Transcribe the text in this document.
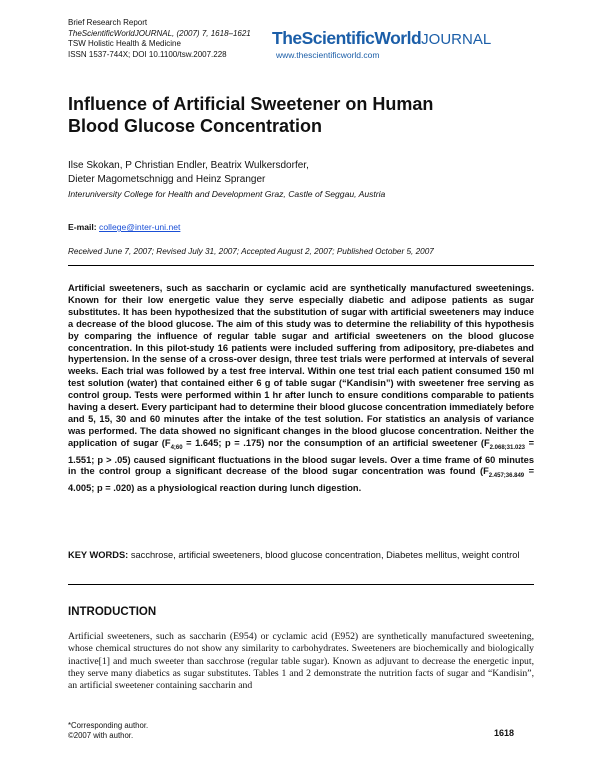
Brief Research Report
TheScientificWorldJOURNAL, (2007) 7, 1618–1621
TSW Holistic Health & Medicine
ISSN 1537-744X; DOI 10.1100/tsw.2007.228
TheScientificWorldJOURNAL
www.thescientificworld.com
Influence of Artificial Sweetener on Human
Blood Glucose Concentration
Ilse Skokan, P Christian Endler, Beatrix Wulkersdorfer,
Dieter Magometschnigg and Heinz Spranger
Interuniversity College for Health and Development Graz, Castle of Seggau, Austria
E-mail: college@inter-uni.net
Received June 7, 2007; Revised July 31, 2007; Accepted August 2, 2007; Published October 5, 2007
Artificial sweeteners, such as saccharin or cyclamic acid are synthetically manufactured sweetenings. Known for their low energetic value they serve especially diabetic and adipose patients as sugar substitutes. It has been hypothesized that the substitution of sugar with artificial sweeteners may induce a decrease of the blood glucose. The aim of this study was to determine the reliability of this hypothesis by comparing the influence of regular table sugar and artificial sweeteners on the blood glucose concentration. In this pilot-study 16 patients were included suffering from adipository, pre-diabetes and hypertension. In the sense of a cross-over design, three test trials were performed at intervals of several weeks. Each trial was followed by a test free interval. Within one test trial each patient consumed 150 ml test solution (water) that contained either 6 g of table sugar (“Kandisin”) with sweetener free serving as control group. Tests were performed within 1 hr after lunch to ensure conditions comparable to patients having a desert. Every participant had to determine their blood glucose concentration immediately before and 5, 15, 30 and 60 minutes after the intake of the test solution. For statistics an analysis of variance was performed. The data showed no significant changes in the blood glucose concentration. Neither the application of sugar ($F_{4;60} = 1.645$; p = .175) nor the consumption of an artificial sweetener ($F_{2.068;31.023} = 1.551$; p > .05) caused significant fluctuations in the blood sugar levels. Over a time frame of 60 minutes in the control group a significant decrease of the blood sugar concentration was found ($F_{2.457;36.849} = 4.005$; p = .020) as a physiological reaction during lunch digestion.
KEY WORDS: sacchrose, artificial sweeteners, blood glucose concentration, Diabetes mellitus, weight control
INTRODUCTION
Artificial sweeteners, such as saccharin (E954) or cyclamic acid (E952) are synthetically manufactured sweetening, whose chemical structures do not show any similarity to carbohydrates. Sweeteners are biochemically and biologically inactive[1] and much sweeter than sacchrose (regular table sugar). Known as adjuvant to decrease the energetic input, they serve many diabetics as sugar substitutes. Tables 1 and 2 demonstrate the nutrition facts of sugar and “Kandisin”, an artificial sweetener containing saccharin and
*Corresponding author.
©2007 with author.	1618
